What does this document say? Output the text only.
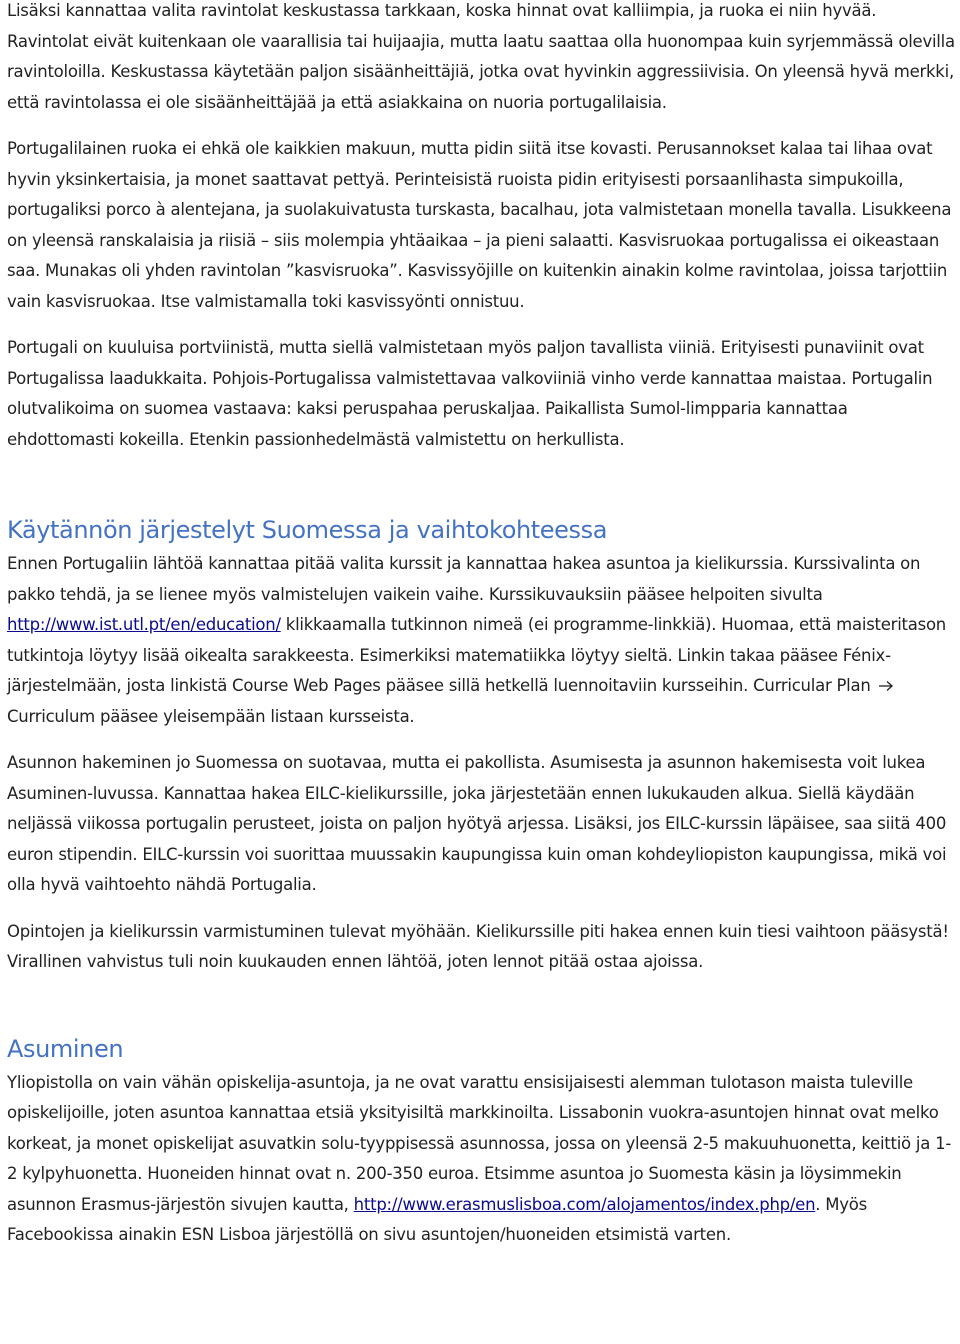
Lisäksi kannattaa valita ravintolat keskustassa tarkkaan, koska hinnat ovat kalliimpia, ja ruoka ei niin hyvää. Ravintolat eivät kuitenkaan ole vaarallisia tai huijaajia, mutta laatu saattaa olla huonompaa kuin syrjemmässä olevilla ravintoloilla. Keskustassa käytetään paljon sisäänheittäjiä, jotka ovat hyvinkin aggressiivisia. On yleensä hyvä merkki, että ravintolassa ei ole sisäänheittäjää ja että asiakkaina on nuoria portugalilaisia.

Portugalilainen ruoka ei ehkä ole kaikkien makuun, mutta pidin siitä itse kovasti. Perusannokset kalaa tai lihaa ovat hyvin yksinkertaisia, ja monet saattavat pettyä. Perinteisistä ruoista pidin erityisesti porsaanlihasta simpukoilla, portugaliksi porco à alentejana, ja suolakuivatusta turskasta, bacalhau, jota valmistetaan monella tavalla. Lisukkeena on yleensä ranskalaisia ja riisiä – siis molempia yhtäaikaa – ja pieni salaatti. Kasvisruokaa portugalissa ei oikeastaan saa. Munakas oli yhden ravintolan ”kasvisruoka”. Kasvissyöjille on kuitenkin ainakin kolme ravintolaa, joissa tarjottiin vain kasvisruokaa. Itse valmistamalla toki kasvissyönti onnistuu.

Portugali on kuuluisa portviinistä, mutta siellä valmistetaan myös paljon tavallista viiniä. Erityisesti punaviinit ovat Portugalissa laadukkaita. Pohjois-Portugalissa valmistettavaa valkoviiniä vinho verde kannattaa maistaa. Portugalin olutvalikoima on suomea vastaava: kaksi peruspahaa peruskaljaa. Paikallista Sumol-limpparia kannattaa ehdottomasti kokeilla. Etenkin passionhedelmästä valmistettu on herkullista.

Käytännön järjestelyt Suomessa ja vaihtokohteessa

Ennen Portugaliin lähtöä kannattaa pitää valita kurssit ja kannattaa hakea asuntoa ja kielikurssia. Kurssivalinta on pakko tehdä, ja se lienee myös valmistelujen vaikein vaihe. Kurssikuvauksiin pääsee helpoiten sivulta http://www.ist.utl.pt/en/education/ klikkaamalla tutkinnon nimeä (ei programme-linkkiä). Huomaa, että maisteritason tutkintoja löytyy lisää oikealta sarakkeesta. Esimerkiksi matematiikka löytyy sieltä. Linkin takaa pääsee Fénix-järjestelmään, josta linkistä Course Web Pages pääsee sillä hetkellä luennoitaviin kursseihin. Curricular Plan  Curriculum pääsee yleisempään listaan kursseista.

Asunnon hakeminen jo Suomessa on suotavaa, mutta ei pakollista. Asumisesta ja asunnon hakemisesta voit lukea Asuminen-luvussa. Kannattaa hakea EILC-kielikurssille, joka järjestetään ennen lukukauden alkua. Siellä käydään neljässä viikossa portugalin perusteet, joista on paljon hyötyä arjessa. Lisäksi, jos EILC-kurssin läpäisee, saa siitä 400 euron stipendin. EILC-kurssin voi suorittaa muussakin kaupungissa kuin oman kohdeyliopiston kaupungissa, mikä voi olla hyvä vaihtoehto nähdä Portugalia.

Opintojen ja kielikurssin varmistuminen tulevat myöhään. Kielikurssille piti hakea ennen kuin tiesi vaihtoon pääsystä! Virallinen vahvistus tuli noin kuukauden ennen lähtöä, joten lennot pitää ostaa ajoissa.

Asuminen

Yliopistolla on vain vähän opiskelija-asuntoja, ja ne ovat varattu ensisijaisesti alemman tulotason maista tuleville opiskelijoille, joten asuntoa kannattaa etsiä yksityisiltä markkinoilta. Lissabonin vuokra-asuntojen hinnat ovat melko korkeat, ja monet opiskelijat asuvatkin solu-tyyppisessä asunnossa, jossa on yleensä 2-5 makuuhuonetta, keittiö ja 1-2 kylpyhuonetta. Huoneiden hinnat ovat n. 200-350 euroa. Etsimme asuntoa jo Suomesta käsin ja löysimmekin asunnon Erasmus-järjestön sivujen kautta, http://www.erasmuslisboa.com/alojamentos/index.php/en. Myös Facebookissa ainakin ESN Lisboa järjestöllä on sivu asuntojen/huoneiden etsimistä varten.
